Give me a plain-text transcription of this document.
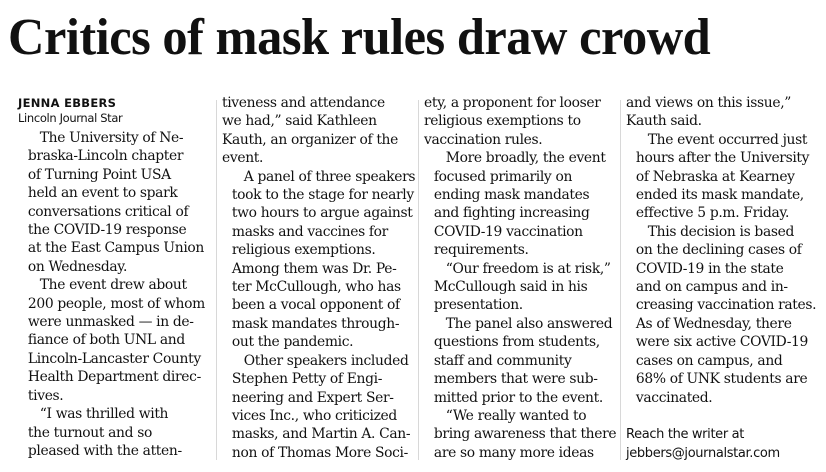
Critics of mask rules draw crowd
JENNA EBBERS
Lincoln Journal Star

The University of Ne-
braska-Lincoln chapter
of Turning Point USA
held an event to spark
conversations critical of
the COVID-19 response
at the East Campus Union
on Wednesday.

The event drew about
200 people, most of whom
were unmasked — in de-
fiance of both UNL and
Lincoln-Lancaster County
Health Department direc-
tives.

“I was thrilled with
the turnout and so
pleased with the atten-

tiveness and attendance
we had,” said Kathleen
Kauth, an organizer of the
event.

A panel of three speakers
took to the stage for nearly
two hours to argue against
masks and vaccines for
religious exemptions.
Among them was Dr. Pe-
ter McCullough, who has
been a vocal opponent of
mask mandates through-
out the pandemic.

Other speakers included
Stephen Petty of Engi-
neering and Expert Ser-
vices Inc., who criticized
masks, and Martin A. Can-
non of Thomas More Soci-

ety, a proponent for looser
religious exemptions to
vaccination rules.

More broadly, the event
focused primarily on
ending mask mandates
and fighting increasing
COVID-19 vaccination
requirements.

“Our freedom is at risk,”
McCullough said in his
presentation.

The panel also answered
questions from students,
staff and community
members that were sub-
mitted prior to the event.

“We really wanted to
bring awareness that there
are so many more ideas

and views on this issue,”
Kauth said.

The event occurred just
hours after the University
of Nebraska at Kearney
ended its mask mandate,
effective 5 p.m. Friday.

This decision is based
on the declining cases of
COVID-19 in the state
and on campus and in-
creasing vaccination rates.
As of Wednesday, there
were six active COVID-19
cases on campus, and
68% of UNK students are
vaccinated.

Reach the writer at
jebbers@journalstar.com
